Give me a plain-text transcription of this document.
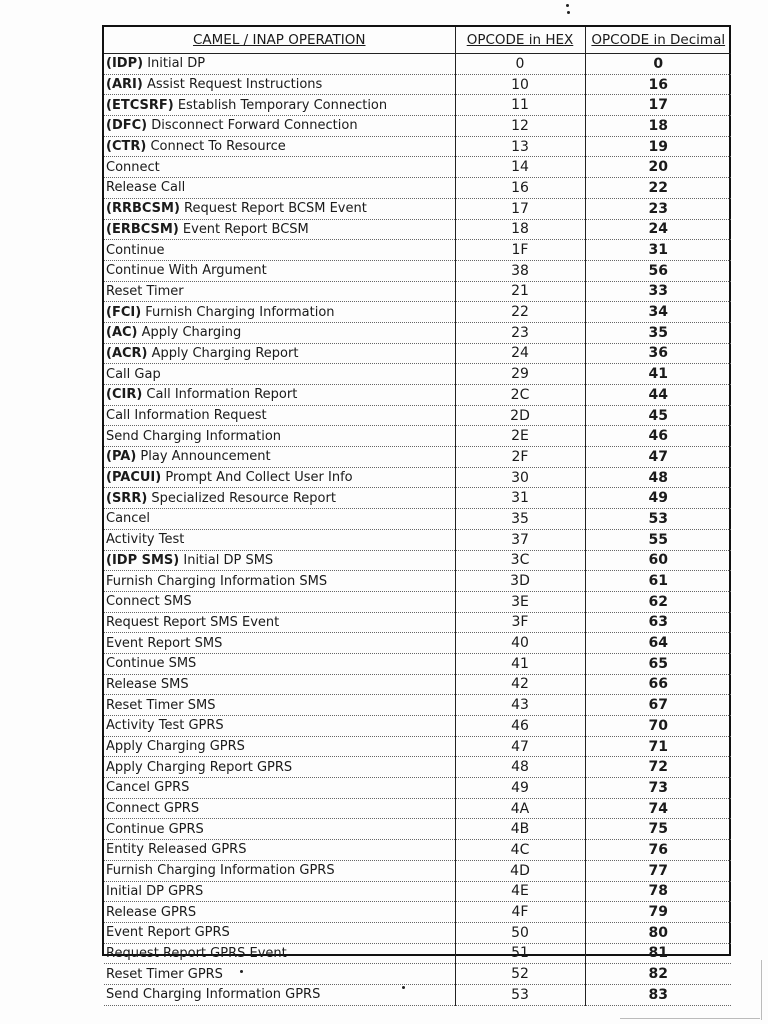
CAMEL / INAP OPERATION	OPCODE in HEX	OPCODE in Decimal
(IDP) Initial DP	0	0
(ARI) Assist Request Instructions	10	16
(ETCSRF) Establish Temporary Connection	11	17
(DFC) Disconnect Forward Connection	12	18
(CTR) Connect To Resource	13	19
Connect	14	20
Release Call	16	22
(RRBCSM) Request Report BCSM Event	17	23
(ERBCSM) Event Report BCSM	18	24
Continue	1F	31
Continue With Argument	38	56
Reset Timer	21	33
(FCI) Furnish Charging Information	22	34
(AC) Apply Charging	23	35
(ACR) Apply Charging Report	24	36
Call Gap	29	41
(CIR) Call Information Report	2C	44
Call Information Request	2D	45
Send Charging Information	2E	46
(PA) Play Announcement	2F	47
(PACUI) Prompt And Collect User Info	30	48
(SRR) Specialized Resource Report	31	49
Cancel	35	53
Activity Test	37	55
(IDP SMS) Initial DP SMS	3C	60
Furnish Charging Information SMS	3D	61
Connect SMS	3E	62
Request Report SMS Event	3F	63
Event Report SMS	40	64
Continue SMS	41	65
Release SMS	42	66
Reset Timer SMS	43	67
Activity Test GPRS	46	70
Apply Charging GPRS	47	71
Apply Charging Report GPRS	48	72
Cancel GPRS	49	73
Connect GPRS	4A	74
Continue GPRS	4B	75
Entity Released GPRS	4C	76
Furnish Charging Information GPRS	4D	77
Initial DP GPRS	4E	78
Release GPRS	4F	79
Event Report GPRS	50	80
Request Report GPRS Event	51	81
Reset Timer GPRS	52	82
Send Charging Information GPRS	53	83
